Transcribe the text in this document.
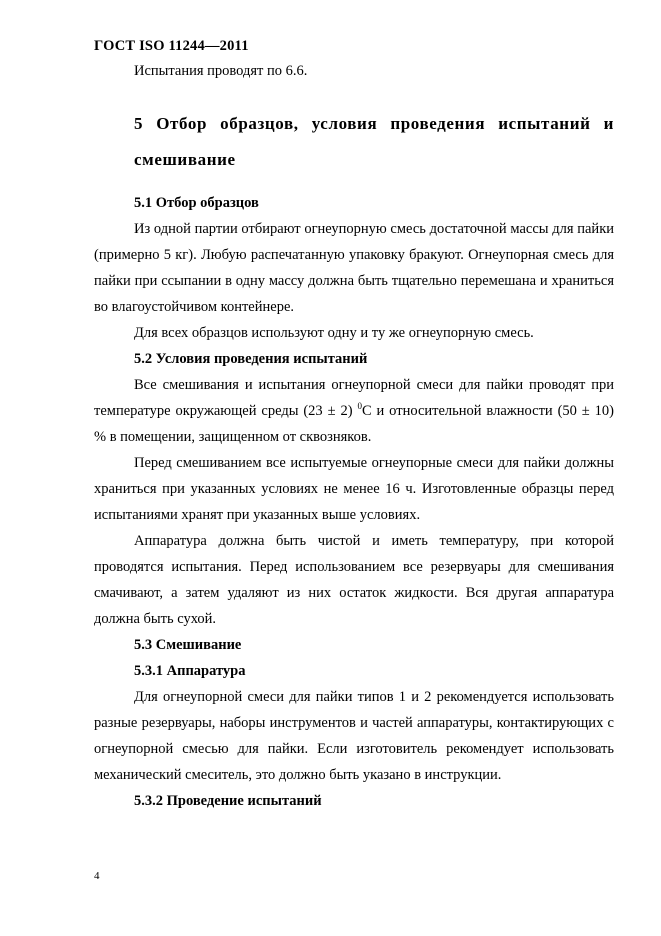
ГОСТ ISO 11244—2011

Испытания проводят по 6.6.

5 Отбор образцов, условия проведения испытаний и смешивание

5.1 Отбор образцов

Из одной партии отбирают огнеупорную смесь достаточной массы для пайки (примерно 5 кг). Любую распечатанную упаковку бракуют. Огнеупорная смесь для пайки при ссыпании в одну массу должна быть тщательно перемешана и храниться во влагоустойчивом контейнере.

Для всех образцов используют одну и ту же огнеупорную смесь.

5.2 Условия проведения испытаний

Все смешивания и испытания огнеупорной смеси для пайки проводят при температуре окружающей среды (23 ± 2) $^0$С и относительной влажности (50 ± 10) % в помещении, защищенном от сквозняков.

Перед смешиванием все испытуемые огнеупорные смеси для пайки должны храниться при указанных условиях не менее 16 ч. Изготовленные образцы перед испытаниями хранят при указанных выше условиях.

Аппаратура должна быть чистой и иметь температуру, при которой проводятся испытания. Перед использованием все резервуары для смешивания смачивают, а затем удаляют из них остаток жидкости. Вся другая аппаратура должна быть сухой.

5.3 Смешивание

5.3.1 Аппаратура

Для огнеупорной смеси для пайки типов 1 и 2 рекомендуется использовать разные резервуары, наборы инструментов и частей аппаратуры, контактирующих с огнеупорной смесью для пайки. Если изготовитель рекомендует использовать механический смеситель, это должно быть указано в инструкции.

5.3.2 Проведение испытаний

4
